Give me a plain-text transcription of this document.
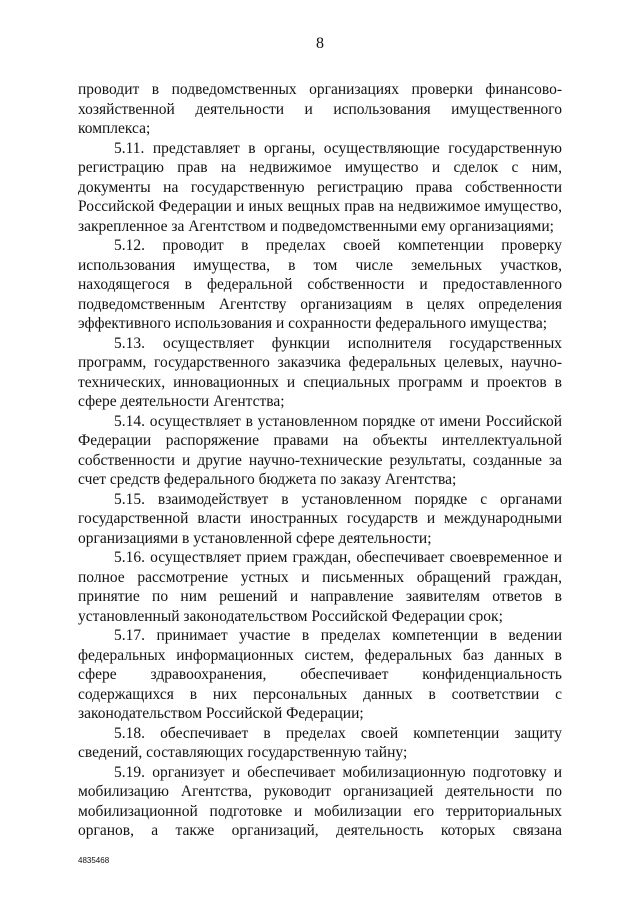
8

проводит в подведомственных организациях проверки финансово-хозяйственной деятельности и использования имущественного комплекса;

5.11. представляет в органы, осуществляющие государственную регистрацию прав на недвижимое имущество и сделок с ним, документы на государственную регистрацию права собственности Российской Федерации и иных вещных прав на недвижимое имущество, закрепленное за Агентством и подведомственными ему организациями;

5.12. проводит в пределах своей компетенции проверку использования имущества, в том числе земельных участков, находящегося в федеральной собственности и предоставленного подведомственным Агентству организациям в целях определения эффективного использования и сохранности федерального имущества;

5.13. осуществляет функции исполнителя государственных программ, государственного заказчика федеральных целевых, научно-технических, инновационных и специальных программ и проектов в сфере деятельности Агентства;

5.14. осуществляет в установленном порядке от имени Российской Федерации распоряжение правами на объекты интеллектуальной собственности и другие научно-технические результаты, созданные за счет средств федерального бюджета по заказу Агентства;

5.15. взаимодействует в установленном порядке с органами государственной власти иностранных государств и международными организациями в установленной сфере деятельности;

5.16. осуществляет прием граждан, обеспечивает своевременное и полное рассмотрение устных и письменных обращений граждан, принятие по ним решений и направление заявителям ответов в установленный законодательством Российской Федерации срок;

5.17. принимает участие в пределах компетенции в ведении федеральных информационных систем, федеральных баз данных в сфере здравоохранения, обеспечивает конфиденциальность содержащихся в них персональных данных в соответствии с законодательством Российской Федерации;

5.18. обеспечивает в пределах своей компетенции защиту сведений, составляющих государственную тайну;

5.19. организует и обеспечивает мобилизационную подготовку и мобилизацию Агентства, руководит организацией деятельности по мобилизационной подготовке и мобилизации его территориальных органов, а также организаций, деятельность которых связана

4835468
